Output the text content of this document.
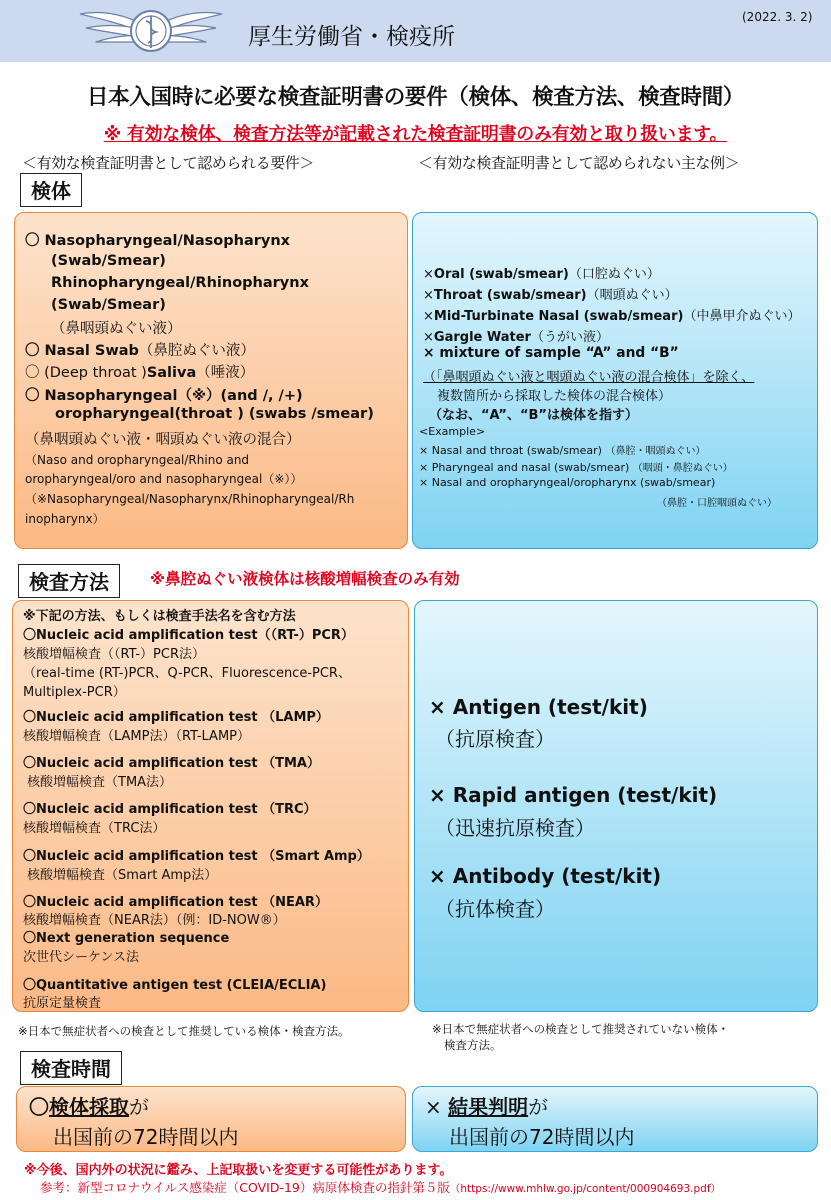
厚生労働省・検疫所
(2022. 3. 2)
日本入国時に必要な検査証明書の要件（検体、検査方法、検査時間）
※ 有効な検体、検査方法等が記載された検査証明書のみ有効と取り扱います。
＜有効な検査証明書として認められる要件＞	＜有効な検査証明書として認められない主な例＞
検体
〇 Nasopharyngeal/Nasopharynx
(Swab/Smear)
Rhinopharyngeal/Rhinopharynx
(Swab/Smear)
（鼻咽頭ぬぐい液）
〇 Nasal Swab（鼻腔ぬぐい液）
〇 (Deep throat )Saliva（唾液）
〇 Nasopharyngeal（※）(and /, /+)
oropharyngeal(throat ) (swabs /smear)
（鼻咽頭ぬぐい液・咽頭ぬぐい液の混合）
（Naso and oropharyngeal/Rhino and
oropharyngeal/oro and nasopharyngeal（※））
（※Nasopharyngeal/Nasopharynx/Rhinopharyngeal/Rh
inopharynx）
×Oral (swab/smear)（口腔ぬぐい）
×Throat (swab/smear)（咽頭ぬぐい）
×Mid-Turbinate Nasal (swab/smear)（中鼻甲介ぬぐい）
×Gargle Water（うがい液）
× mixture of sample “A” and “B”
（「鼻咽頭ぬぐい液と咽頭ぬぐい液の混合検体」を除く、
複数箇所から採取した検体の混合検体）
（なお、“A”、“B”は検体を指す）
<Example>
× Nasal and throat (swab/smear) （鼻腔・咽頭ぬぐい）
× Pharyngeal and nasal (swab/smear) （咽頭・鼻腔ぬぐい）
× Nasal and oropharyngeal/oropharynx (swab/smear)
（鼻腔・口腔咽頭ぬぐい）
検査方法	※鼻腔ぬぐい液検体は核酸増幅検査のみ有効
※下記の方法、もしくは検査手法名を含む方法
〇Nucleic acid amplification test（（RT-）PCR）
核酸増幅検査（（RT-）PCR法）
（real-time (RT-)PCR、Q-PCR、Fluorescence-PCR、
Multiplex-PCR）
〇Nucleic acid amplification test （LAMP）
核酸増幅検査（LAMP法）（RT-LAMP）
〇Nucleic acid amplification test （TMA）
核酸増幅検査（TMA法）
〇Nucleic acid amplification test （TRC）
核酸増幅検査（TRC法）
〇Nucleic acid amplification test （Smart Amp）
核酸増幅検査（Smart Amp法）
〇Nucleic acid amplification test （NEAR）
核酸増幅検査（NEAR法）（例：ID-NOW®）
〇Next generation sequence
次世代シーケンス法
〇Quantitative antigen test (CLEIA/ECLIA)
抗原定量検査
× Antigen (test/kit)
（抗原検査）
× Rapid antigen (test/kit)
（迅速抗原検査）
× Antibody (test/kit)
（抗体検査）
※日本で無症状者への検査として推奨している検体・検査方法。	※日本で無症状者への検査として推奨されていない検体・
検査方法。
検査時間
〇検体採取が
出国前の72時間以内
× 結果判明が
出国前の72時間以内
※今後、国内外の状況に鑑み、上記取扱いを変更する可能性があります。
参考：新型コロナウイルス感染症（COVID-19）病原体検査の指針第５版（https://www.mhlw.go.jp/content/000904693.pdf）
